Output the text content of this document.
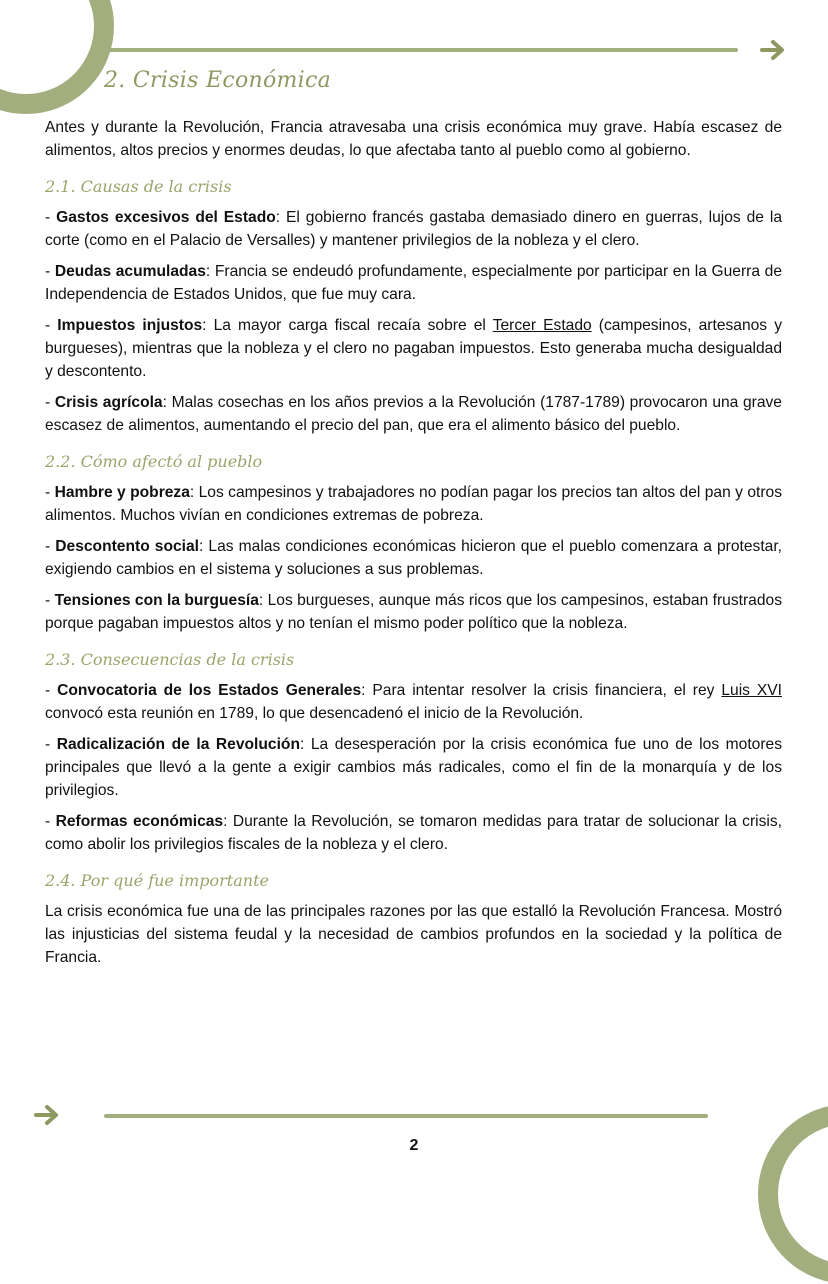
2. Crisis Económica

Antes y durante la Revolución, Francia atravesaba una crisis económica muy grave. Había escasez de alimentos, altos precios y enormes deudas, lo que afectaba tanto al pueblo como al gobierno.

2.1. Causas de la crisis

- Gastos excesivos del Estado: El gobierno francés gastaba demasiado dinero en guerras, lujos de la corte (como en el Palacio de Versalles) y mantener privilegios de la nobleza y el clero.

- Deudas acumuladas: Francia se endeudó profundamente, especialmente por participar en la Guerra de Independencia de Estados Unidos, que fue muy cara.

- Impuestos injustos: La mayor carga fiscal recaía sobre el Tercer Estado (campesinos, artesanos y burgueses), mientras que la nobleza y el clero no pagaban impuestos. Esto generaba mucha desigualdad y descontento.

- Crisis agrícola: Malas cosechas en los años previos a la Revolución (1787-1789) provocaron una grave escasez de alimentos, aumentando el precio del pan, que era el alimento básico del pueblo.

2.2. Cómo afectó al pueblo

- Hambre y pobreza: Los campesinos y trabajadores no podían pagar los precios tan altos del pan y otros alimentos. Muchos vivían en condiciones extremas de pobreza.

- Descontento social: Las malas condiciones económicas hicieron que el pueblo comenzara a protestar, exigiendo cambios en el sistema y soluciones a sus problemas.

- Tensiones con la burguesía: Los burgueses, aunque más ricos que los campesinos, estaban frustrados porque pagaban impuestos altos y no tenían el mismo poder político que la nobleza.

2.3. Consecuencias de la crisis

- Convocatoria de los Estados Generales: Para intentar resolver la crisis financiera, el rey Luis XVI convocó esta reunión en 1789, lo que desencadenó el inicio de la Revolución.

- Radicalización de la Revolución: La desesperación por la crisis económica fue uno de los motores principales que llevó a la gente a exigir cambios más radicales, como el fin de la monarquía y de los privilegios.

- Reformas económicas: Durante la Revolución, se tomaron medidas para tratar de solucionar la crisis, como abolir los privilegios fiscales de la nobleza y el clero.

2.4. Por qué fue importante

La crisis económica fue una de las principales razones por las que estalló la Revolución Francesa. Mostró las injusticias del sistema feudal y la necesidad de cambios profundos en la sociedad y la política de Francia.

2
